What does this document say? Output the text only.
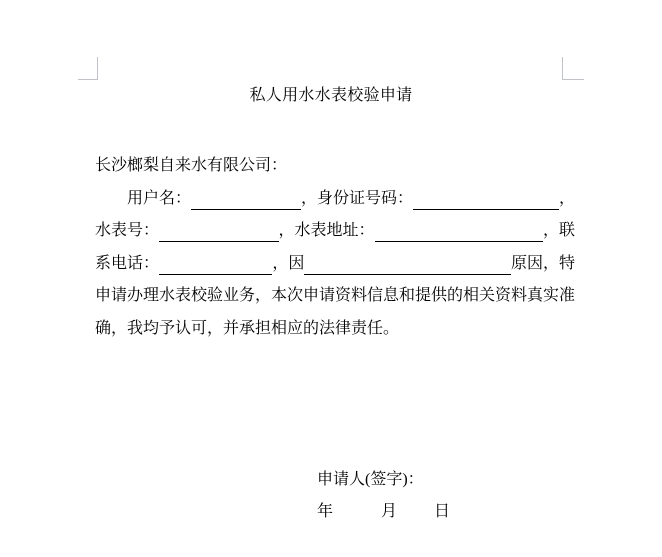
私人用水水表校验申请
长沙榔梨自来水有限公司：
用户名：	，身份证号码：	，
水表号：	，水表地址：	，联
系电话：	，因	原因，特
申请办理水表校验业务，本次申请资料信息和提供的相关资料真实准
确，我均予认可，并承担相应的法律责任。
申请人(签字)：
年	月 日
